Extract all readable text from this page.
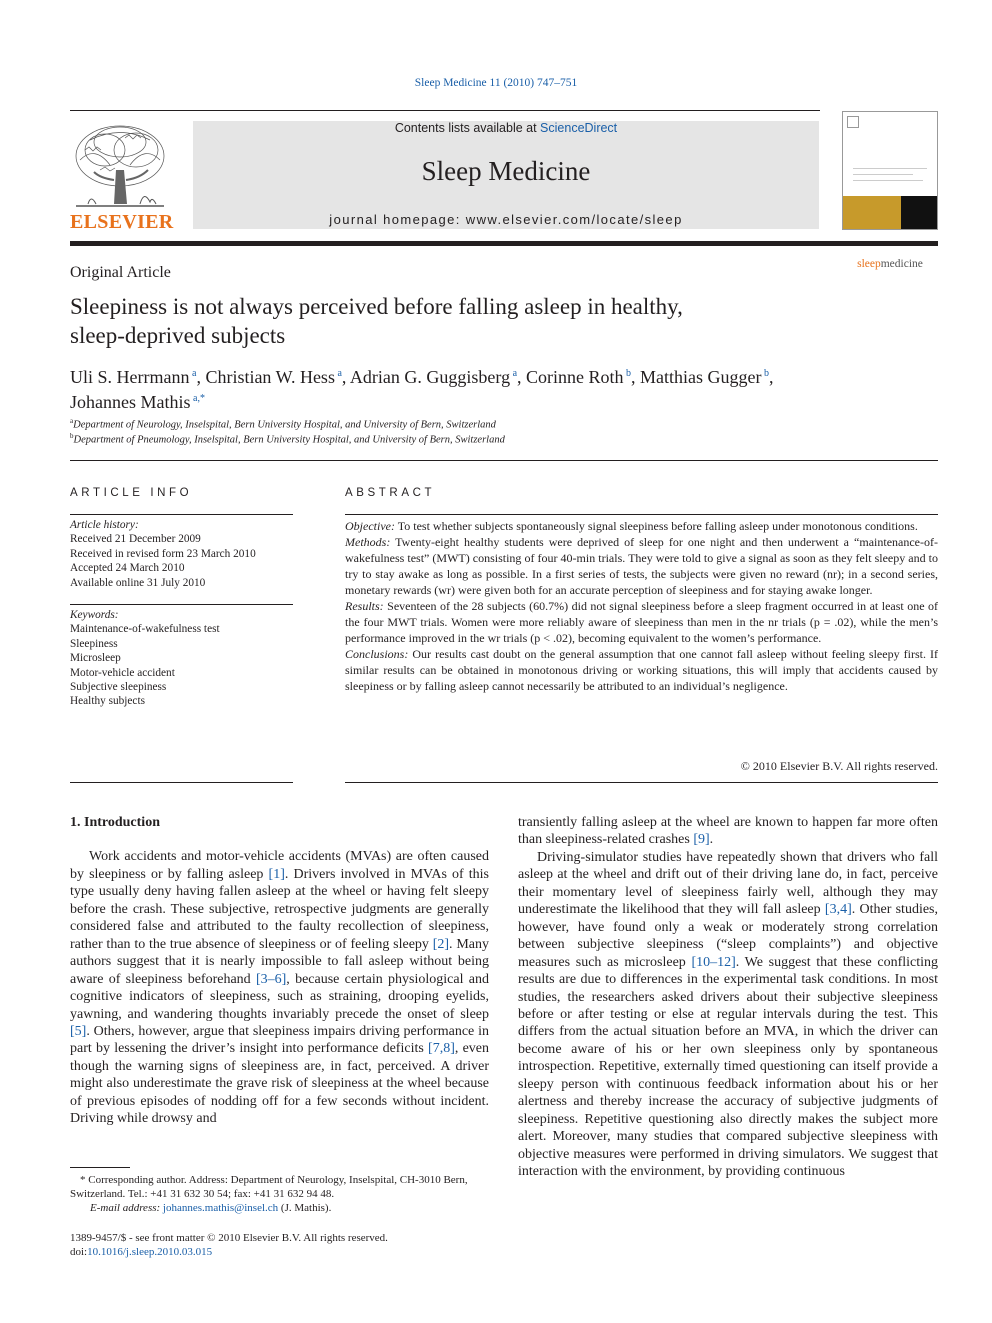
Sleep Medicine 11 (2010) 747–751
ELSEVIER
Contents lists available at ScienceDirect
Sleep Medicine
journal homepage: www.elsevier.com/locate/sleep
sleepmedicine
Original Article
Sleepiness is not always perceived before falling asleep in healthy,
sleep-deprived subjects
Uli S. Herrmann $^a$, Christian W. Hess $^a$, Adrian G. Guggisberg $^a$, Corinne Roth $^b$, Matthias Gugger $^b$,
Johannes Mathis $^{a,*}$
$^a$Department of Neurology, Inselspital, Bern University Hospital, and University of Bern, Switzerland
$^b$Department of Pneumology, Inselspital, Bern University Hospital, and University of Bern, Switzerland
ARTICLE INFO
Article history:
Received 21 December 2009
Received in revised form 23 March 2010
Accepted 24 March 2010
Available online 31 July 2010
Keywords:
Maintenance-of-wakefulness test
Sleepiness
Microsleep
Motor-vehicle accident
Subjective sleepiness
Healthy subjects
ABSTRACT

Objective: To test whether subjects spontaneously signal sleepiness before falling asleep under monotonous conditions.

Methods: Twenty-eight healthy students were deprived of sleep for one night and then underwent a “maintenance-of-wakefulness test” (MWT) consisting of four 40-min trials. They were told to give a signal as soon as they felt sleepy and to try to stay awake as long as possible. In a first series of tests, the subjects were given no reward (nr); in a second series, monetary rewards (wr) were given both for an accurate perception of sleepiness and for staying awake longer.

Results: Seventeen of the 28 subjects (60.7%) did not signal sleepiness before a sleep fragment occurred in at least one of the four MWT trials. Women were more reliably aware of sleepiness than men in the nr trials (p = .02), while the men’s performance improved in the wr trials (p < .02), becoming equivalent to the women’s performance.

Conclusions: Our results cast doubt on the general assumption that one cannot fall asleep without feeling sleepy first. If similar results can be obtained in monotonous driving or working situations, this will imply that accidents caused by sleepiness or by falling asleep cannot necessarily be attributed to an individual’s negligence.

© 2010 Elsevier B.V. All rights reserved.
1. Introduction

Work accidents and motor-vehicle accidents (MVAs) are often caused by sleepiness or by falling asleep [1]. Drivers involved in MVAs of this type usually deny having fallen asleep at the wheel or having felt sleepy before the crash. These subjective, retrospective judgments are generally considered false and attributed to the faulty recollection of sleepiness, rather than to the true absence of sleepiness or of feeling sleepy [2]. Many authors suggest that it is nearly impossible to fall asleep without being aware of sleepiness beforehand [3–6], because certain physiological and cognitive indicators of sleepiness, such as straining, drooping eyelids, yawning, and wandering thoughts invariably precede the onset of sleep [5]. Others, however, argue that sleepiness impairs driving performance in part by lessening the driver’s insight into performance deficits [7,8], even though the warning signs of sleepiness are, in fact, perceived. A driver might also underestimate the grave risk of sleepiness at the wheel because of previous episodes of nodding off for a few seconds without incident. Driving while drowsy and

transiently falling asleep at the wheel are known to happen far more often than sleepiness-related crashes [9].

Driving-simulator studies have repeatedly shown that drivers who fall asleep at the wheel and drift out of their driving lane do, in fact, perceive their momentary level of sleepiness fairly well, although they may underestimate the likelihood that they will fall asleep [3,4]. Other studies, however, have found only a weak or moderately strong correlation between subjective sleepiness (“sleep complaints”) and objective measures such as microsleep [10–12]. We suggest that these conflicting results are due to differences in the experimental task conditions. In most studies, the researchers asked drivers about their subjective sleepiness before or after testing or else at regular intervals during the test. This differs from the actual situation before an MVA, in which the driver can become aware of his or her own sleepiness only by spontaneous introspection. Repetitive, externally timed questioning can itself provide a sleepy person with continuous feedback information about his or her alertness and thereby increase the accuracy of subjective judgments of sleepiness. Repetitive questioning also directly makes the subject more alert. Moreover, many studies that compared subjective sleepiness with objective measures were performed in driving simulators. We suggest that interaction with the environment, by providing continuous

* Corresponding author. Address: Department of Neurology, Inselspital, CH-3010 Bern, Switzerland. Tel.: +41 31 632 30 54; fax: +41 31 632 94 48.

E-mail address: johannes.mathis@insel.ch (J. Mathis).

1389-9457/$ - see front matter © 2010 Elsevier B.V. All rights reserved.

doi:10.1016/j.sleep.2010.03.015
